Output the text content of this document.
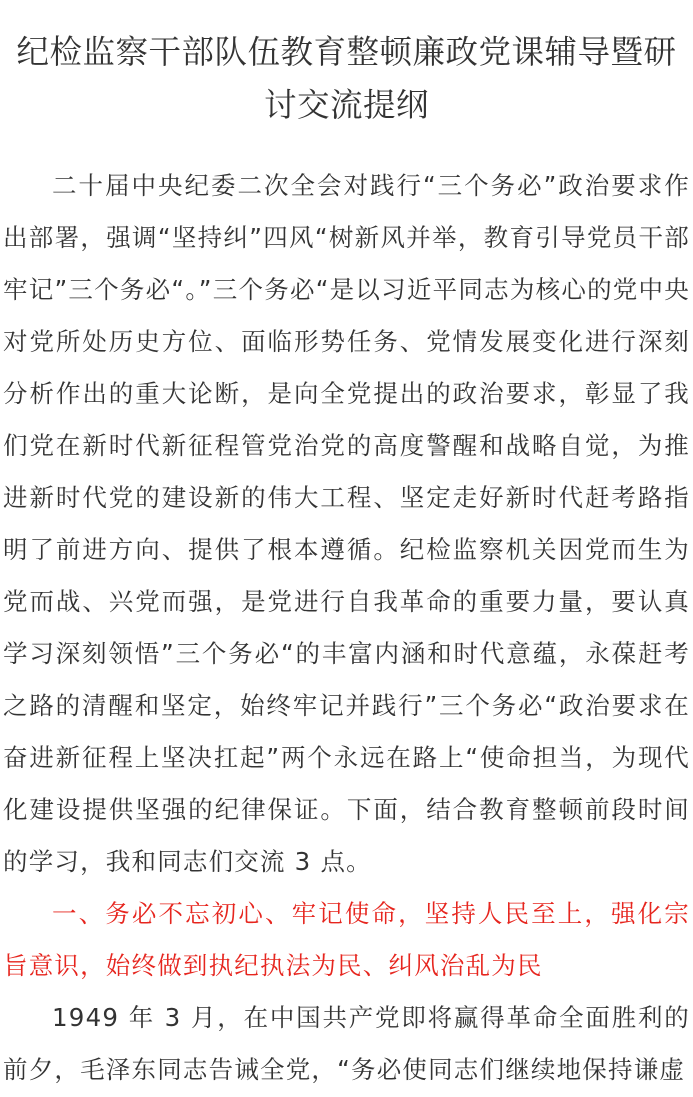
纪检监察干部队伍教育整顿廉政党课辅导暨研讨交流提纲

二十届中央纪委二次全会对践行“三个务必”政治要求作出部署，强调“坚持纠”四风“树新风并举，教育引导党员干部牢记”三个务必“。”三个务必“是以习近平同志为核心的党中央对党所处历史方位、面临形势任务、党情发展变化进行深刻分析作出的重大论断，是向全党提出的政治要求，彰显了我们党在新时代新征程管党治党的高度警醒和战略自觉，为推进新时代党的建设新的伟大工程、坚定走好新时代赶考路指明了前进方向、提供了根本遵循。纪检监察机关因党而生为党而战、兴党而强，是党进行自我革命的重要力量，要认真学习深刻领悟”三个务必“的丰富内涵和时代意蕴，永葆赶考之路的清醒和坚定，始终牢记并践行”三个务必“政治要求在奋进新征程上坚决扛起”两个永远在路上“使命担当，为现代化建设提供坚强的纪律保证。下面，结合教育整顿前段时间的学习，我和同志们交流 3 点。

一、务必不忘初心、牢记使命，坚持人民至上，强化宗旨意识，始终做到执纪执法为民、纠风治乱为民

1949 年 3 月，在中国共产党即将赢得革命全面胜利的前夕，毛泽东同志告诫全党，“务必使同志们继续地保持谦虚
